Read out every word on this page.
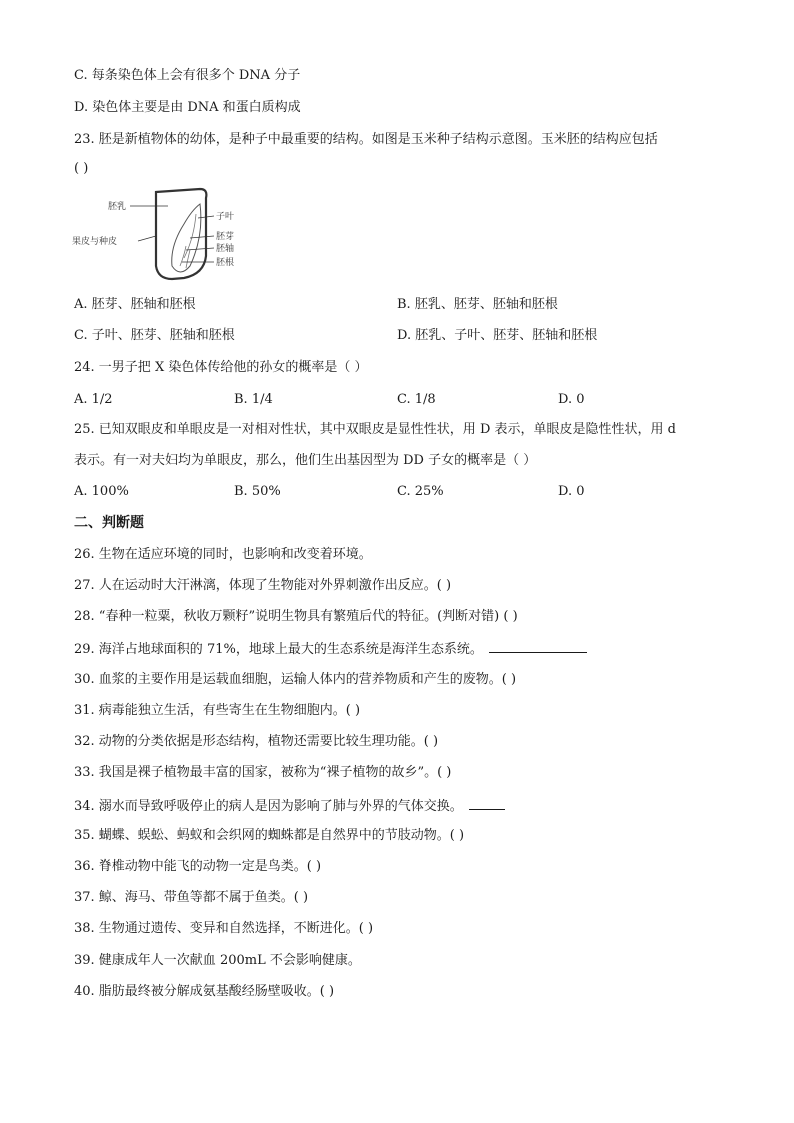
C. 每条染色体上会有很多个 DNA 分子
D. 染色体主要是由 DNA 和蛋白质构成
23. 胚是新植物体的幼体，是种子中最重要的结构。如图是玉米种子结构示意图。玉米胚的结构应包括
( )
胚乳
果皮与种皮
子叶
胚芽
胚轴
胚根
A. 胚芽、胚轴和胚根	B. 胚乳、胚芽、胚轴和胚根
C. 子叶、胚芽、胚轴和胚根	D. 胚乳、子叶、胚芽、胚轴和胚根
24. 一男子把 X 染色体传给他的孙女的概率是（ ）
A. 1/2	B. 1/4	C. 1/8	D. 0
25. 已知双眼皮和单眼皮是一对相对性状，其中双眼皮是显性性状，用 D 表示，单眼皮是隐性性状，用 d
表示。有一对夫妇均为单眼皮，那么，他们生出基因型为 DD 子女的概率是（ ）
A. 100%	B. 50%	C. 25%	D. 0
二、判断题
26. 生物在适应环境的同时，也影响和改变着环境。
27. 人在运动时大汗淋漓，体现了生物能对外界刺激作出反应。( )
28. “春种一粒粟，秋收万颗籽”说明生物具有繁殖后代的特征。(判断对错) ( )
29. 海洋占地球面积的 71%，地球上最大的生态系统是海洋生态系统。
30. 血浆的主要作用是运载血细胞，运输人体内的营养物质和产生的废物。( )
31. 病毒能独立生活，有些寄生在生物细胞内。( )
32. 动物的分类依据是形态结构，植物还需要比较生理功能。( )
33. 我国是裸子植物最丰富的国家，被称为“裸子植物的故乡”。( )
34. 溺水而导致呼吸停止的病人是因为影响了肺与外界的气体交换。
35. 蝴蝶、蜈蚣、蚂蚁和会织网的蜘蛛都是自然界中的节肢动物。( )
36. 脊椎动物中能飞的动物一定是鸟类。( )
37. 鲸、海马、带鱼等都不属于鱼类。( )
38. 生物通过遗传、变异和自然选择，不断进化。( )
39. 健康成年人一次献血 200mL 不会影响健康。
40. 脂肪最终被分解成氨基酸经肠壁吸收。( )
